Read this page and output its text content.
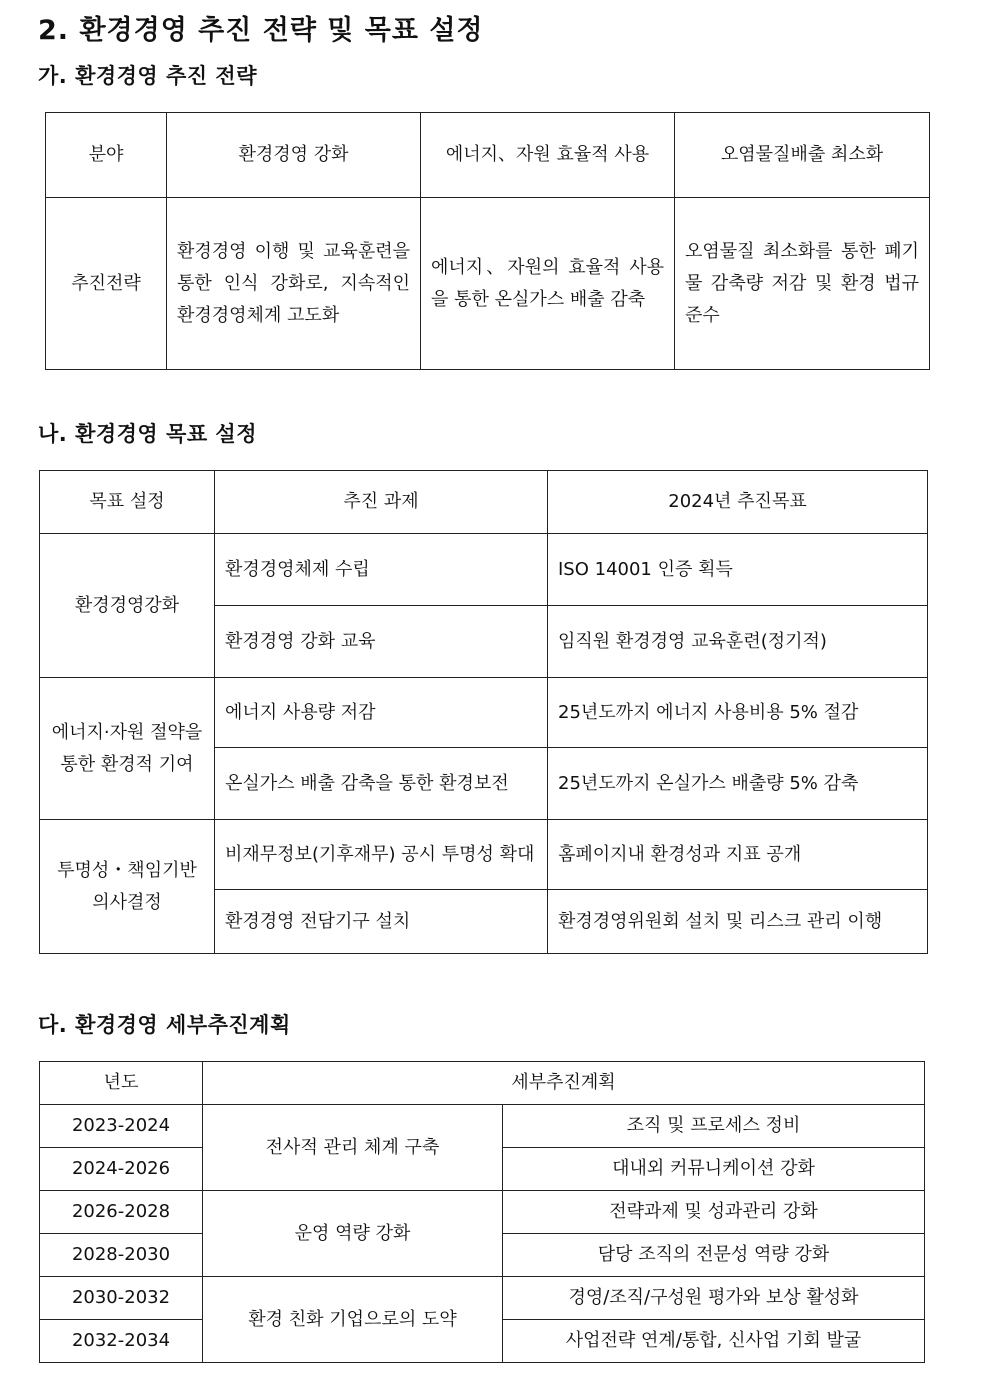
2. 환경경영 추진 전략 및 목표 설정
가. 환경경영 추진 전략
분야	환경경영 강화	에너지、자원 효율적 사용	오염물질배출 최소화
추진전략	환경경영 이행 및 교육훈련을 통한 인식 강화로, 지속적인 환경경영체계 고도화	에너지、자원의 효율적 사용을 통한 온실가스 배출 감축	오염물질 최소화를 통한 폐기물 감축량 저감 및 환경 법규 준수
나. 환경경영 목표 설정
목표 설정	추진 과제	2024년 추진목표
환경경영강화	환경경영체제 수립	ISO 14001 인증 획득
	환경경영 강화 교육	임직원 환경경영 교육훈련(정기적)
에너지·자원 절약을 통한 환경적 기여	에너지 사용량 저감	25년도까지 에너지 사용비용 5% 절감
	온실가스 배출 감축을 통한 환경보전	25년도까지 온실가스 배출량 5% 감축
투명성・책임기반 의사결정	비재무정보(기후재무) 공시 투명성 확대	홈페이지내 환경성과 지표 공개
	환경경영 전담기구 설치	환경경영위원회 설치 및 리스크 관리 이행
다. 환경경영 세부추진계획
년도	세부추진계획	
2023-2024	전사적 관리 체계 구축	조직 및 프로세스 정비
2024-2026		대내외 커뮤니케이션 강화
2026-2028	운영 역량 강화	전략과제 및 성과관리 강화
2028-2030		담당 조직의 전문성 역량 강화
2030-2032	환경 친화 기업으로의 도약	경영/조직/구성원 평가와 보상 활성화
2032-2034		사업전략 연계/통합, 신사업 기회 발굴
